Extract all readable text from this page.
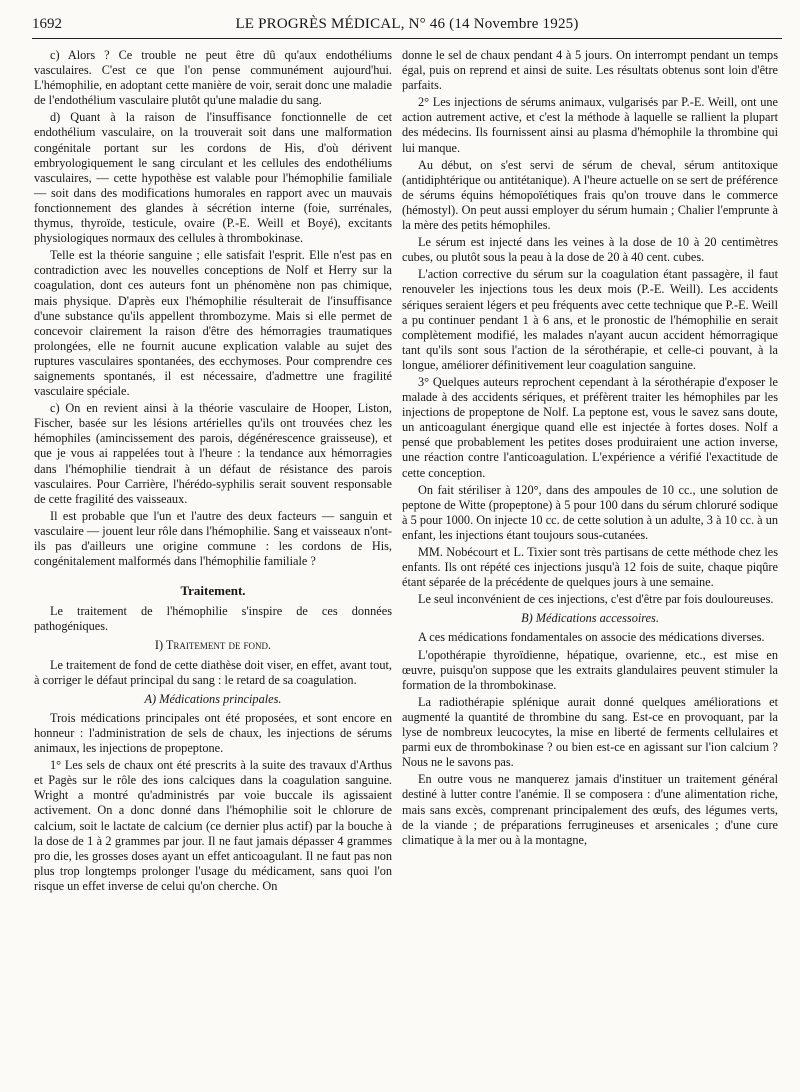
1692	LE PROGRÈS MÉDICAL, N° 46 (14 Novembre 1925)

c) Alors ? Ce trouble ne peut être dû qu'aux endothéliums vasculaires. C'est ce que l'on pense communément aujourd'hui. L'hémophilie, en adoptant cette manière de voir, serait donc une maladie de l'endothélium vasculaire plutôt qu'une maladie du sang.

d) Quant à la raison de l'insuffisance fonctionnelle de cet endothélium vasculaire, on la trouverait soit dans une malformation congénitale portant sur les cordons de His, d'où dérivent embryologiquement le sang circulant et les cellules des endothéliums vasculaires, — cette hypothèse est valable pour l'hémophilie familiale — soit dans des modifications humorales en rapport avec un mauvais fonctionnement des glandes à sécrétion interne (foie, surrénales, thymus, thyroïde, testicule, ovaire (P.-E. Weill et Boyé), excitants physiologiques normaux des cellules à thrombokinase.

Telle est la théorie sanguine ; elle satisfait l'esprit. Elle n'est pas en contradiction avec les nouvelles conceptions de Nolf et Herry sur la coagulation, dont ces auteurs font un phénomène non pas chimique, mais physique. D'après eux l'hémophilie résulterait de l'insuffisance d'une substance qu'ils appellent thrombozyme. Mais si elle permet de concevoir clairement la raison d'être des hémorragies traumatiques prolongées, elle ne fournit aucune explication valable au sujet des ruptures vasculaires spontanées, des ecchymoses. Pour comprendre ces saignements spontanés, il est nécessaire, d'admettre une fragilité vasculaire spéciale.

c) On en revient ainsi à la théorie vasculaire de Hooper, Liston, Fischer, basée sur les lésions artérielles qu'ils ont trouvées chez les hémophiles (amincissement des parois, dégénérescence graisseuse), et que je vous ai rappelées tout à l'heure : la tendance aux hémorragies dans l'hémophilie tiendrait à un défaut de résistance des parois vasculaires. Pour Carrière, l'hérédo-syphilis serait souvent responsable de cette fragilité des vaisseaux.

Il est probable que l'un et l'autre des deux facteurs — sanguin et vasculaire — jouent leur rôle dans l'hémophilie. Sang et vaisseaux n'ont-ils pas d'ailleurs une origine commune : les cordons de His, congénitalement malformés dans l'hémophilie familiale ?

Traitement.

Le traitement de l'hémophilie s'inspire de ces données pathogéniques.

I) Traitement de fond.

Le traitement de fond de cette diathèse doit viser, en effet, avant tout, à corriger le défaut principal du sang : le retard de sa coagulation.

A) Médications principales.

Trois médications principales ont été proposées, et sont encore en honneur : l'administration de sels de chaux, les injections de sérums animaux, les injections de propeptone.

1° Les sels de chaux ont été prescrits à la suite des travaux d'Arthus et Pagès sur le rôle des ions calciques dans la coagulation sanguine. Wright a montré qu'administrés par voie buccale ils agissaient activement. On a donc donné dans l'hémophilie soit le chlorure de calcium, soit le lactate de calcium (ce dernier plus actif) par la bouche à la dose de 1 à 2 grammes par jour. Il ne faut jamais dépasser 4 grammes pro die, les grosses doses ayant un effet anticoagulant. Il ne faut pas non plus trop longtemps prolonger l'usage du médicament, sans quoi l'on risque un effet inverse de celui qu'on cherche. On

donne le sel de chaux pendant 4 à 5 jours. On interrompt pendant un temps égal, puis on reprend et ainsi de suite. Les résultats obtenus sont loin d'être parfaits.

2° Les injections de sérums animaux, vulgarisés par P.-E. Weill, ont une action autrement active, et c'est la méthode à laquelle se rallient la plupart des médecins. Ils fournissent ainsi au plasma d'hémophile la thrombine qui lui manque.

Au début, on s'est servi de sérum de cheval, sérum antitoxique (antidiphtérique ou antitétanique). A l'heure actuelle on se sert de préférence de sérums équins hémopoïétiques frais qu'on trouve dans le commerce (hémostyl). On peut aussi employer du sérum humain ; Chalier l'emprunte à la mère des petits hémophiles.

Le sérum est injecté dans les veines à la dose de 10 à 20 centimètres cubes, ou plutôt sous la peau à la dose de 20 à 40 cent. cubes.

L'action corrective du sérum sur la coagulation étant passagère, il faut renouveler les injections tous les deux mois (P.-E. Weill). Les accidents sériques seraient légers et peu fréquents avec cette technique que P.-E. Weill a pu continuer pendant 1 à 6 ans, et le pronostic de l'hémophilie en serait complètement modifié, les malades n'ayant aucun accident hémorragique tant qu'ils sont sous l'action de la sérothérapie, et celle-ci pouvant, à la longue, améliorer définitivement leur coagulation sanguine.

3° Quelques auteurs reprochent cependant à la sérothérapie d'exposer le malade à des accidents sériques, et préfèrent traiter les hémophiles par les injections de propeptone de Nolf. La peptone est, vous le savez sans doute, un anticoagulant énergique quand elle est injectée à fortes doses. Nolf a pensé que probablement les petites doses produiraient une action inverse, une réaction contre l'anticoagulation. L'expérience a vérifié l'exactitude de cette conception.

On fait stériliser à 120°, dans des ampoules de 10 cc., une solution de peptone de Witte (propeptone) à 5 pour 100 dans du sérum chloruré sodique à 5 pour 1000. On injecte 10 cc. de cette solution à un adulte, 3 à 10 cc. à un enfant, les injections étant toujours sous-cutanées.

MM. Nobécourt et L. Tixier sont très partisans de cette méthode chez les enfants. Ils ont répété ces injections jusqu'à 12 fois de suite, chaque piqûre étant séparée de la précédente de quelques jours à une semaine.

Le seul inconvénient de ces injections, c'est d'être par fois douloureuses.

B) Médications accessoires.

A ces médications fondamentales on associe des médications diverses.

L'opothérapie thyroïdienne, hépatique, ovarienne, etc., est mise en œuvre, puisqu'on suppose que les extraits glandulaires peuvent stimuler la formation de la thrombokinase.

La radiothérapie splénique aurait donné quelques améliorations et augmenté la quantité de thrombine du sang. Est-ce en provoquant, par la lyse de nombreux leucocytes, la mise en liberté de ferments cellulaires et parmi eux de thrombokinase ? ou bien est-ce en agissant sur l'ion calcium ? Nous ne le savons pas.

En outre vous ne manquerez jamais d'instituer un traitement général destiné à lutter contre l'anémie. Il se composera : d'une alimentation riche, mais sans excès, comprenant principalement des œufs, des légumes verts, de la viande ; de préparations ferrugineuses et arsenicales ; d'une cure climatique à la mer ou à la montagne,
